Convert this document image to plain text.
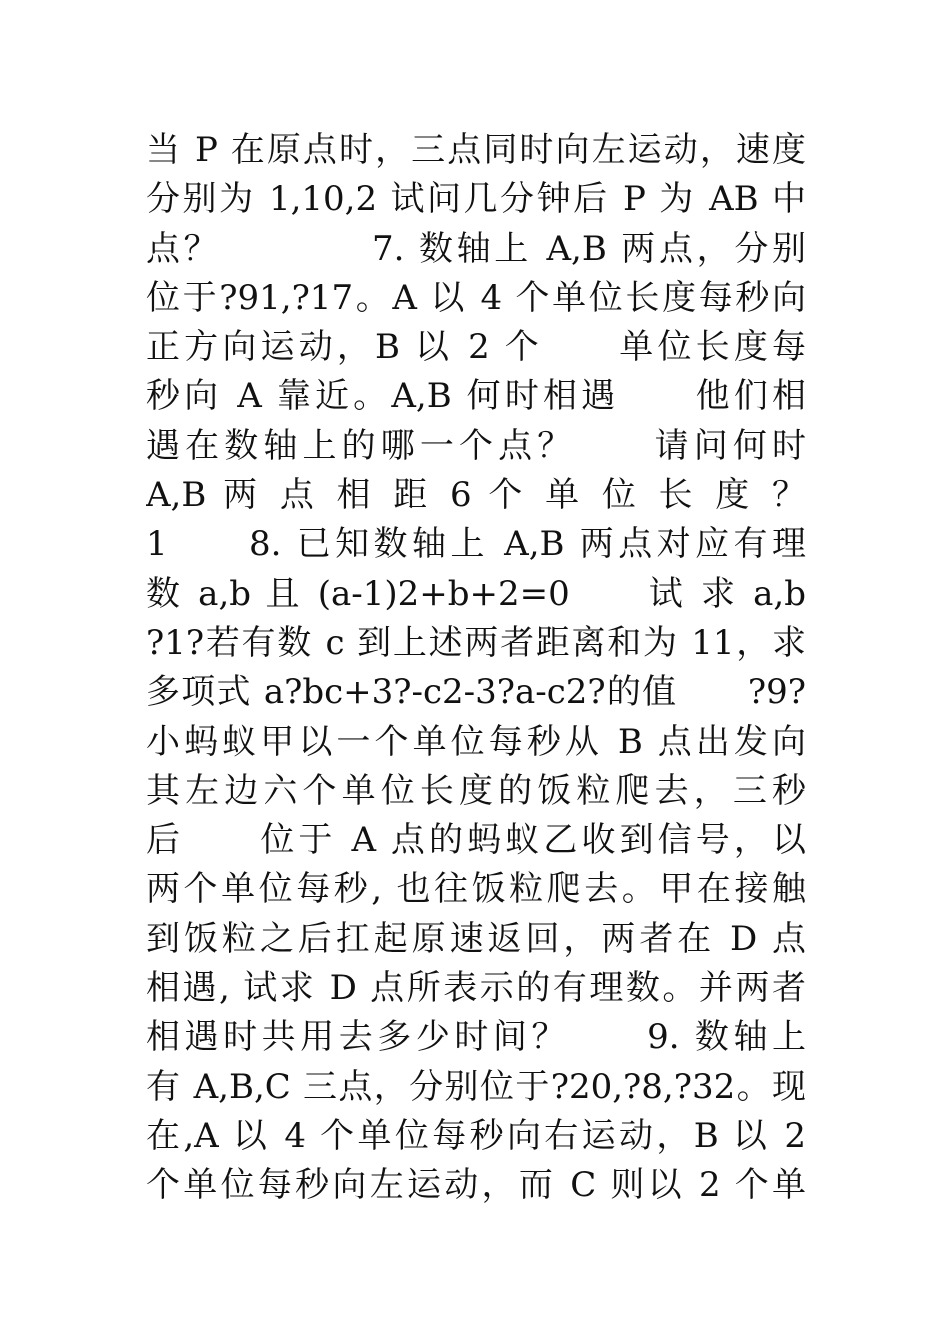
当 P 在原点时，三点同时向左运动，速度
分别为 1,10,2 试问几分钟后 P 为 AB 中
点？　　　　7. 数轴上 A,B 两点，分别
位于?91,?17。A 以 4 个单位长度每秒向
正方向运动，B 以 2 个　　单位长度每
秒向 A 靠近。A,B 何时相遇　　他们相
遇在数轴上的哪一个点？　　请问何时
A,B 两 点 相 距 6 个 单 位 长 度 ？
1　　8. 已知数轴上 A,B 两点对应有理
数 a,b 且 (a-1)2+b+2=0　　试 求 a,b
?1?若有数 c 到上述两者距离和为 11，求
多项式 a?bc+3?-c2-3?a-c2?的值　　?9?
小蚂蚁甲以一个单位每秒从 B 点出发向
其左边六个单位长度的饭粒爬去，三秒
后　　位于 A 点的蚂蚁乙收到信号，以
两个单位每秒, 也往饭粒爬去。甲在接触
到饭粒之后扛起原速返回，两者在 D 点
相遇, 试求 D 点所表示的有理数。并两者
相遇时共用去多少时间？　　9. 数轴上
有 A,B,C 三点，分别位于?20,?8,?32。现
在,A 以 4 个单位每秒向右运动，B 以 2
个单位每秒向左运动，而 C 则以 2 个单
